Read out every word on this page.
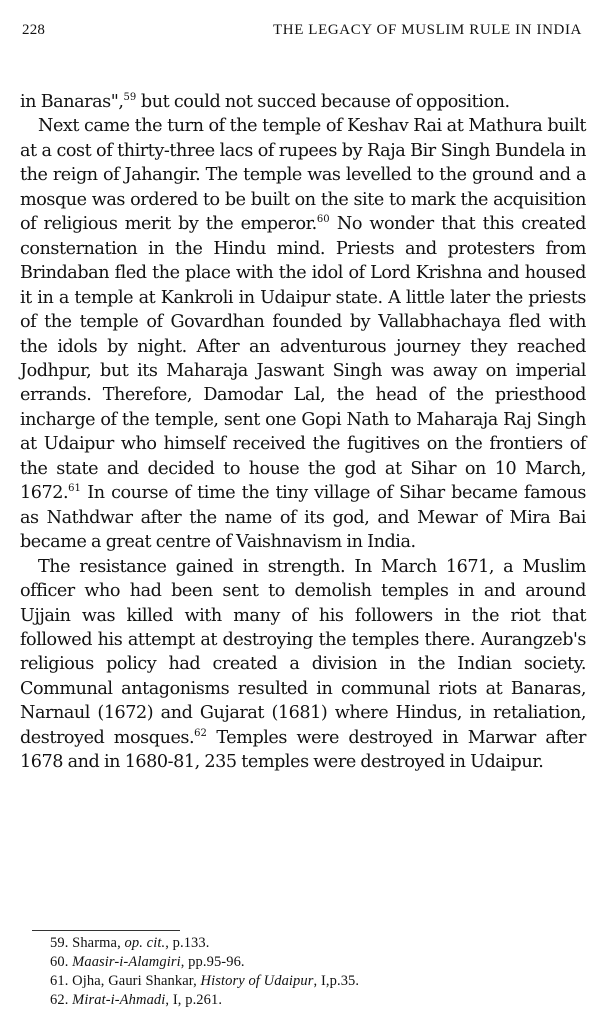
228	THE LEGACY OF MUSLIM RULE IN INDIA

in Banaras",$^{59}$ but could not succed because of opposition.

Next came the turn of the temple of Keshav Rai at Mathura built at a cost of thirty-three lacs of rupees by Raja Bir Singh Bundela in the reign of Jahangir. The temple was levelled to the ground and a mosque was ordered to be built on the site to mark the acquisition of religious merit by the emperor.$^{60}$ No wonder that this created consternation in the Hindu mind. Priests and protesters from Brindaban fled the place with the idol of Lord Krishna and housed it in a temple at Kankroli in Udaipur state. A little later the priests of the temple of Govardhan founded by Vallabhachaya fled with the idols by night. After an adventurous journey they reached Jodhpur, but its Maharaja Jaswant Singh was away on imperial errands. Therefore, Damodar Lal, the head of the priesthood incharge of the temple, sent one Gopi Nath to Maharaja Raj Singh at Udaipur who himself received the fugitives on the frontiers of the state and decided to house the god at Sihar on 10 March, 1672.61 In course of time the tiny village of Sihar became famous as Nathdwar after the name of its god, and Mewar of Mira Bai became a great centre of Vaishnavism in India.

The resistance gained in strength. In March 1671, a Muslim officer who had been sent to demolish temples in and around Ujjain was killed with many of his followers in the riot that followed his attempt at destroying the temples there. Aurangzeb's religious policy had created a division in the Indian society. Communal antagonisms resulted in communal riots at Banaras, Narnaul (1672) and Gujarat (1681) where Hindus, in retaliation, destroyed mosques.$^{62}$ Temples were destroyed in Marwar after 1678 and in 1680-81, 235 temples were destroyed in Udaipur.

59. Sharma, op. cit., p.133.

60. Maasir-i-Alamgiri, pp.95-96.

61. Ojha, Gauri Shankar, History of Udaipur, I,p.35.

62. Mirat-i-Ahmadi, I, p.261.
